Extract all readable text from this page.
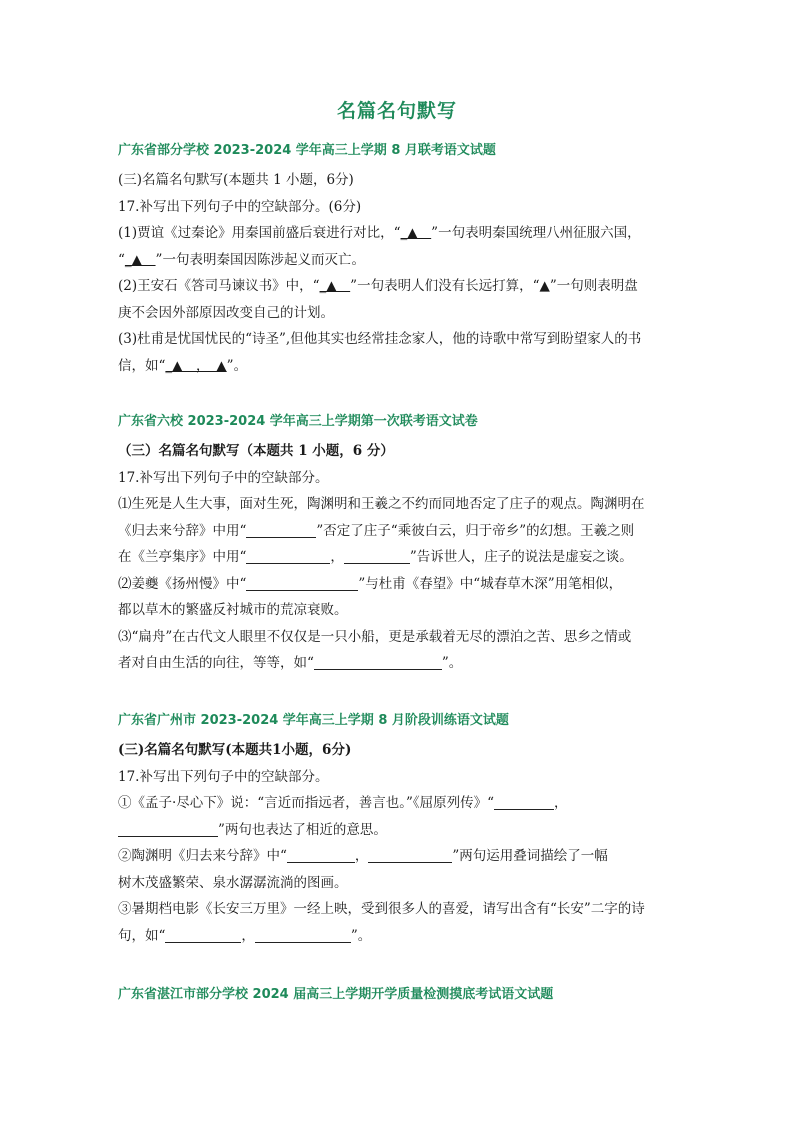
名篇名句默写
广东省部分学校 2023-2024 学年高三上学期 8 月联考语文试题
(三)名篇名句默写(本题共 1 小题，6分)
17.补写出下列句子中的空缺部分。(6分)
(1)贾谊《过秦论》用秦国前盛后衰进行对比，“_▲　”一句表明秦国统理八州征服六国，
“_▲　”一句表明秦国因陈涉起义而灭亡。
(2)王安石《答司马谏议书》中，“_▲　”一句表明人们没有长远打算，“▲”一句则表明盘
庚不会因外部原因改变自己的计划。
(3)杜甫是忧国忧民的“诗圣”,但他其实也经常挂念家人，他的诗歌中常写到盼望家人的书
信，如“_▲　，　▲”。
广东省六校 2023-2024 学年高三上学期第一次联考语文试卷
（三）名篇名句默写（本题共 1 小题，6 分）
17.补写出下列句子中的空缺部分。
⑴生死是人生大事，面对生死，陶渊明和王羲之不约而同地否定了庄子的观点。陶渊明在
《归去来兮辞》中用“	”否定了庄子“乘彼白云，归于帝乡”的幻想。王羲之则
在《兰亭集序》中用“	，	”告诉世人，庄子的说法是虚妄之谈。
⑵姜夔《扬州慢》中“	”与杜甫《春望》中“城春草木深”用笔相似，
都以草木的繁盛反衬城市的荒凉衰败。
⑶“扁舟”在古代文人眼里不仅仅是一只小船，更是承载着无尽的漂泊之苦、思乡之情或
者对自由生活的向往，等等，如“	”。
广东省广州市 2023-2024 学年高三上学期 8 月阶段训练语文试题
(三)名篇名句默写(本题共1小题，6分)
17.补写出下列句子中的空缺部分。
①《孟子·尽心下》说：“言近而指远者，善言也。”《屈原列传》“	，
”两句也表达了相近的意思。
②陶渊明《归去来兮辞》中“	，	”两句运用叠词描绘了一幅
树木茂盛繁荣、泉水潺潺流淌的图画。
③暑期档电影《长安三万里》一经上映，受到很多人的喜爱，请写出含有“长安”二字的诗
句，如“	，	”。
广东省湛江市部分学校 2024 届高三上学期开学质量检测摸底考试语文试题
